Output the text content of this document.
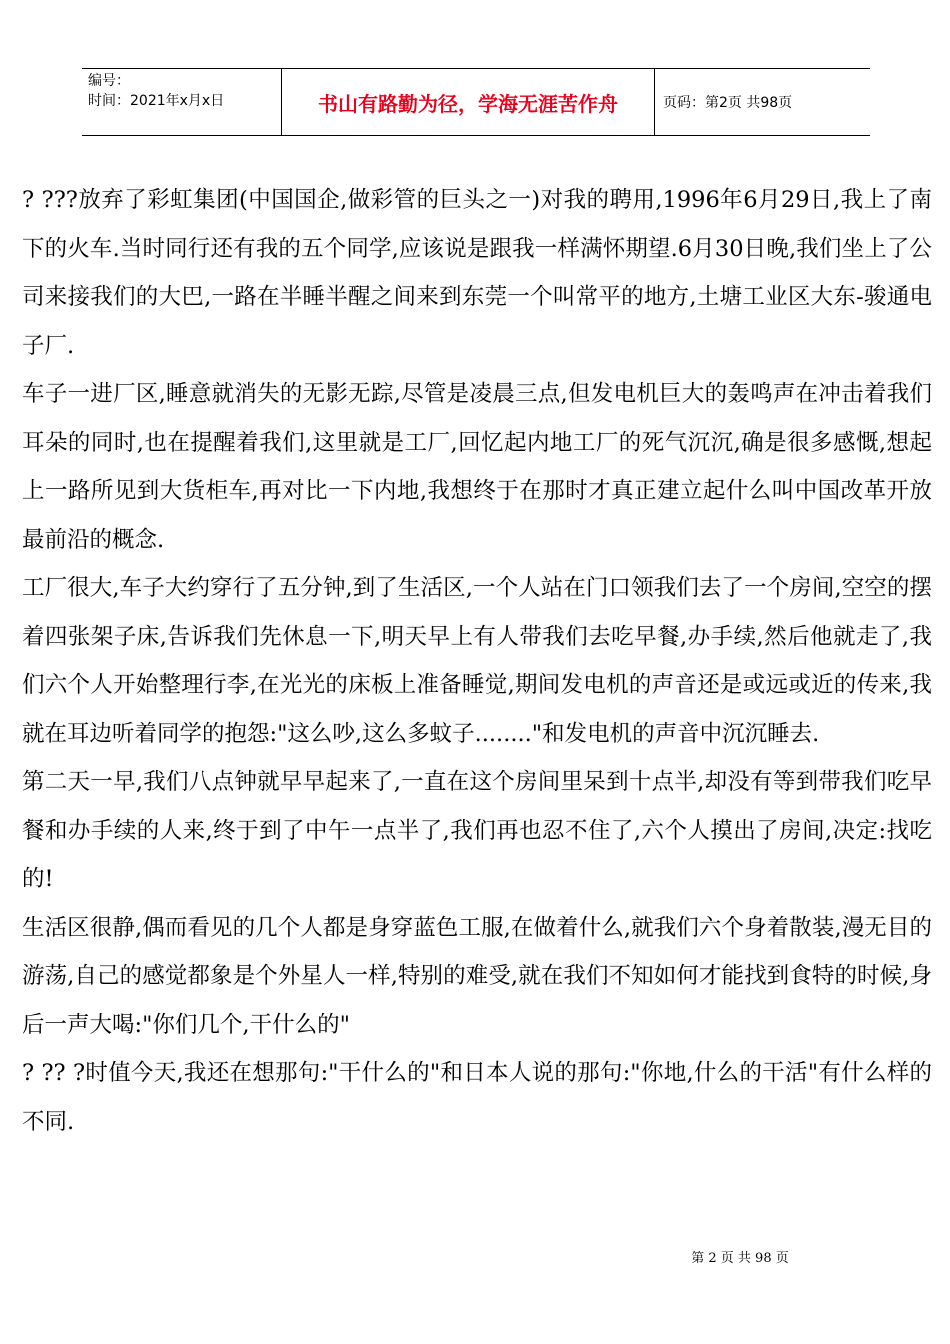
编号：
时间：2021年x月x日	书山有路勤为径，学海无涯苦作舟	页码：第2页 共98页

? ???放弃了彩虹集团(中国国企,做彩管的巨头之一)对我的聘用,1996年6月29日,我上了南下的火车.当时同行还有我的五个同学,应该说是跟我一样满怀期望.6月30日晚,我们坐上了公司来接我们的大巴,一路在半睡半醒之间来到东莞一个叫常平的地方,土塘工业区大东-骏通电子厂.

车子一进厂区,睡意就消失的无影无踪,尽管是凌晨三点,但发电机巨大的轰鸣声在冲击着我们耳朵的同时,也在提醒着我们,这里就是工厂,回忆起内地工厂的死气沉沉,确是很多感慨,想起上一路所见到大货柜车,再对比一下内地,我想终于在那时才真正建立起什么叫中国改革开放最前沿的概念.

工厂很大,车子大约穿行了五分钟,到了生活区,一个人站在门口领我们去了一个房间,空空的摆着四张架子床,告诉我们先休息一下,明天早上有人带我们去吃早餐,办手续,然后他就走了,我们六个人开始整理行李,在光光的床板上准备睡觉,期间发电机的声音还是或远或近的传来,我就在耳边听着同学的抱怨:"这么吵,这么多蚊子........"和发电机的声音中沉沉睡去.

第二天一早,我们八点钟就早早起来了,一直在这个房间里呆到十点半,却没有等到带我们吃早餐和办手续的人来,终于到了中午一点半了,我们再也忍不住了,六个人摸出了房间,决定:找吃的!

生活区很静,偶而看见的几个人都是身穿蓝色工服,在做着什么,就我们六个身着散装,漫无目的游荡,自己的感觉都象是个外星人一样,特别的难受,就在我们不知如何才能找到食特的时候,身后一声大喝:"你们几个,干什么的"

? ?? ?时值今天,我还在想那句:"干什么的"和日本人说的那句:"你地,什么的干活"有什么样的不同.

第 2 页 共 98 页
